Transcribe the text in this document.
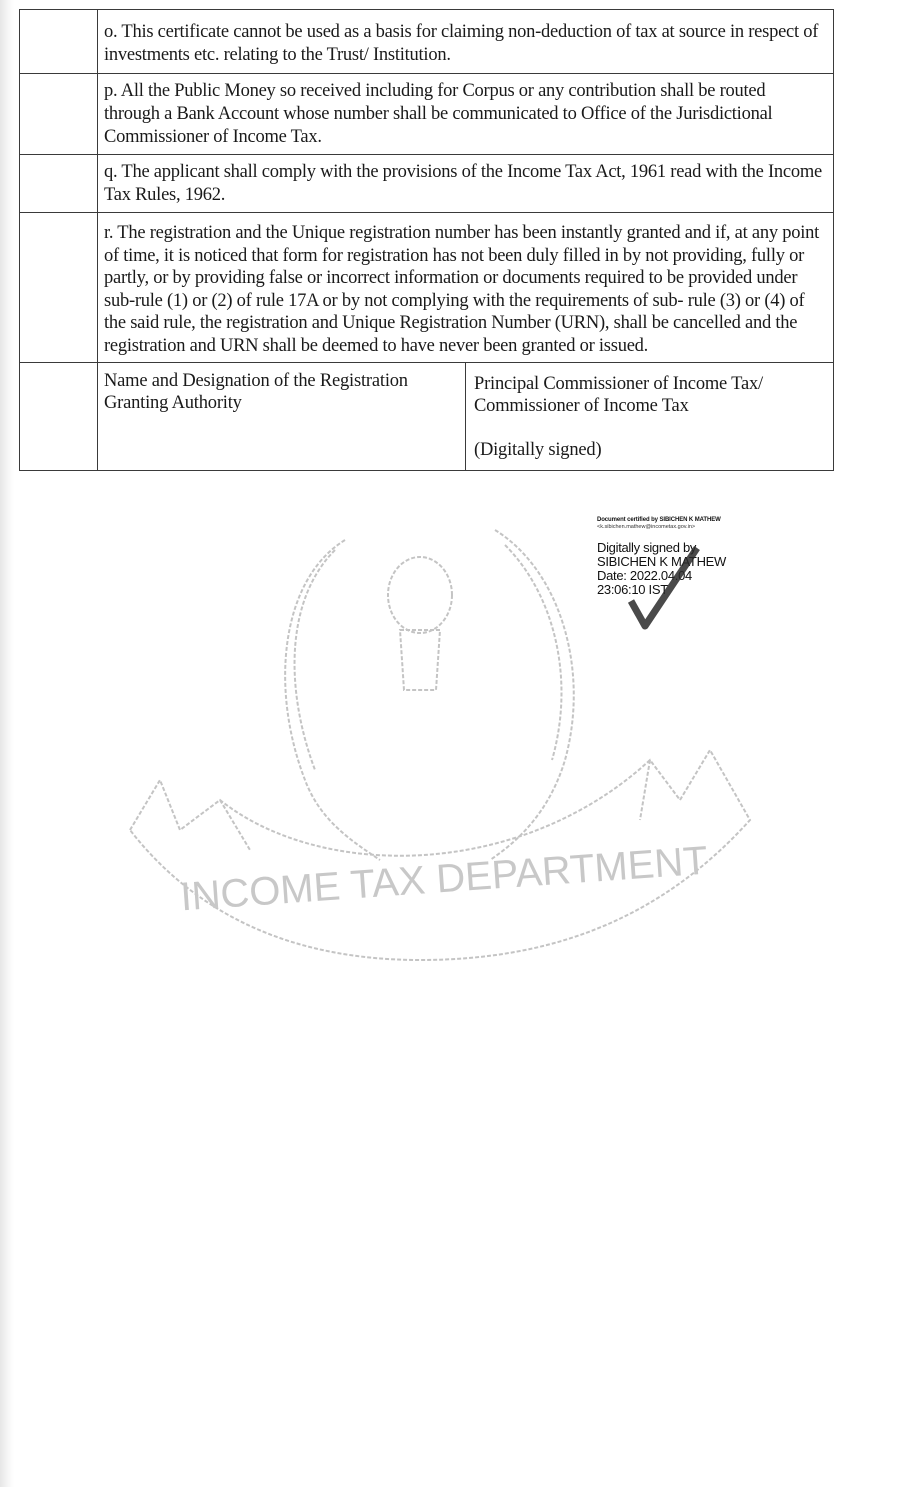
	o. This certificate cannot be used as a basis for claiming non-deduction of tax at source in respect of investments etc. relating to the Trust/ Institution.	

	p. All the Public Money so received including for Corpus or any contribution shall be routed through a Bank Account whose number shall be communicated to Office of the Jurisdictional Commissioner of Income Tax.	

	q. The applicant shall comply with the provisions of the Income Tax Act, 1961 read with the Income Tax Rules, 1962.	

	r. The registration and the Unique registration number has been instantly granted and if, at any point of time, it is noticed that form for registration has not been duly filled in by not providing, fully or partly, or by providing false or incorrect information or documents required to be provided under sub-rule (1) or (2) of rule 17A or by not complying with the requirements of sub- rule (3) or (4) of the said rule, the registration and Unique Registration Number (URN), shall be cancelled and the registration and URN shall be deemed to have never been granted or issued.	

	Name and Designation of the Registration Granting Authority	Principal Commissioner of Income Tax/ Commissioner of Income Tax
(Digitally signed)
INCOME TAX DEPARTMENT
Document certified by SIBICHEN K MATHEW
<k.sibichen.mathew@incometax.gov.in>
Digitally signed by
SIBICHEN K MATHEW
Date: 2022.04.04
23:06:10 IST
